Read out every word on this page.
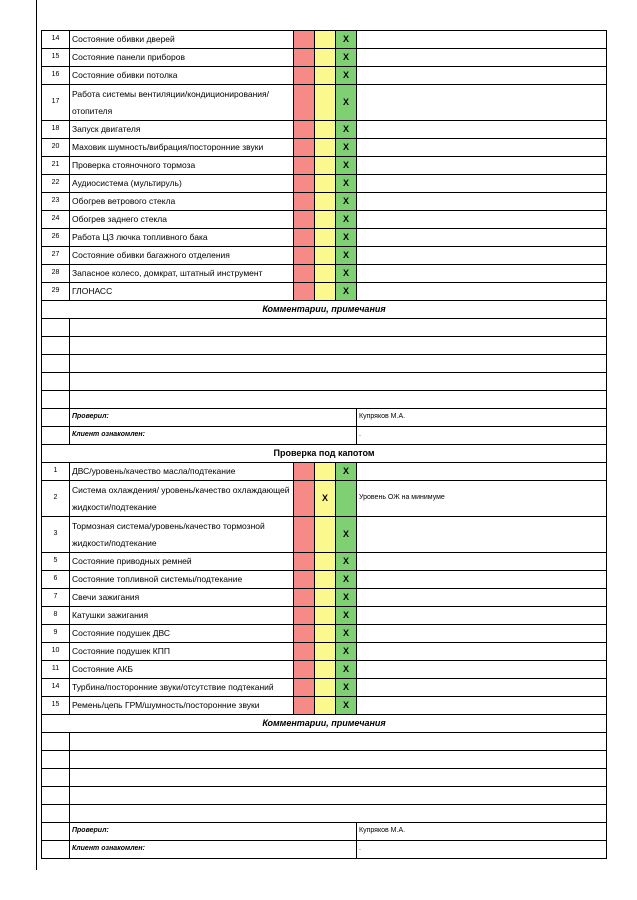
14	Состояние обивки дверей			X	
15	Состояние панели приборов			X	
16	Состояние обивки потолка			X	
17	Работа системы вентиляции/кондиционирования/
отопителя			X	
18	Запуск двигателя			X	
20	Маховик шумность/вибрация/посторонние звуки			X	
21	Проверка стояночного тормоза			X	
22	Аудиосистема (мультируль)			X	
23	Обогрев ветрового стекла			X	
24	Обогрев заднего стекла			X	
26	Работа ЦЗ лючка топливного бака			X	
27	Состояние обивки багажного отделения			X	
28	Запасное колесо, домкрат, штатный инструмент			X	
29	ГЛОНАСС			X	
Комментарии, примечания					

	Проверил:				Купряков М.А.
	Клиент ознакомлен:				.
Проверка под капотом					
1	ДВС/уровень/качество масла/подтекание			X	
2	Система охлаждения/ уровень/качество охлаждающей
жидкости/подтекание		X		Уровень ОЖ на минимуме
3	Тормозная система/уровень/качество тормозной
жидкости/подтекание			X	
5	Состояние приводных ремней			X	
6	Состояние топливной системы/подтекание			X	
7	Свечи зажигания			X	
8	Катушки зажигания			X	
9	Состояние подушек ДВС			X	
10	Состояние подушек КПП			X	
11	Состояние АКБ			X	
14	Турбина/посторонние звуки/отсутствие подтеканий			X	
15	Ремень/цепь ГРМ/шумность/посторонние звуки			X	
Комментарии, примечания					

	Проверил:				Купряков М.А.
	Клиент ознакомлен:				.
